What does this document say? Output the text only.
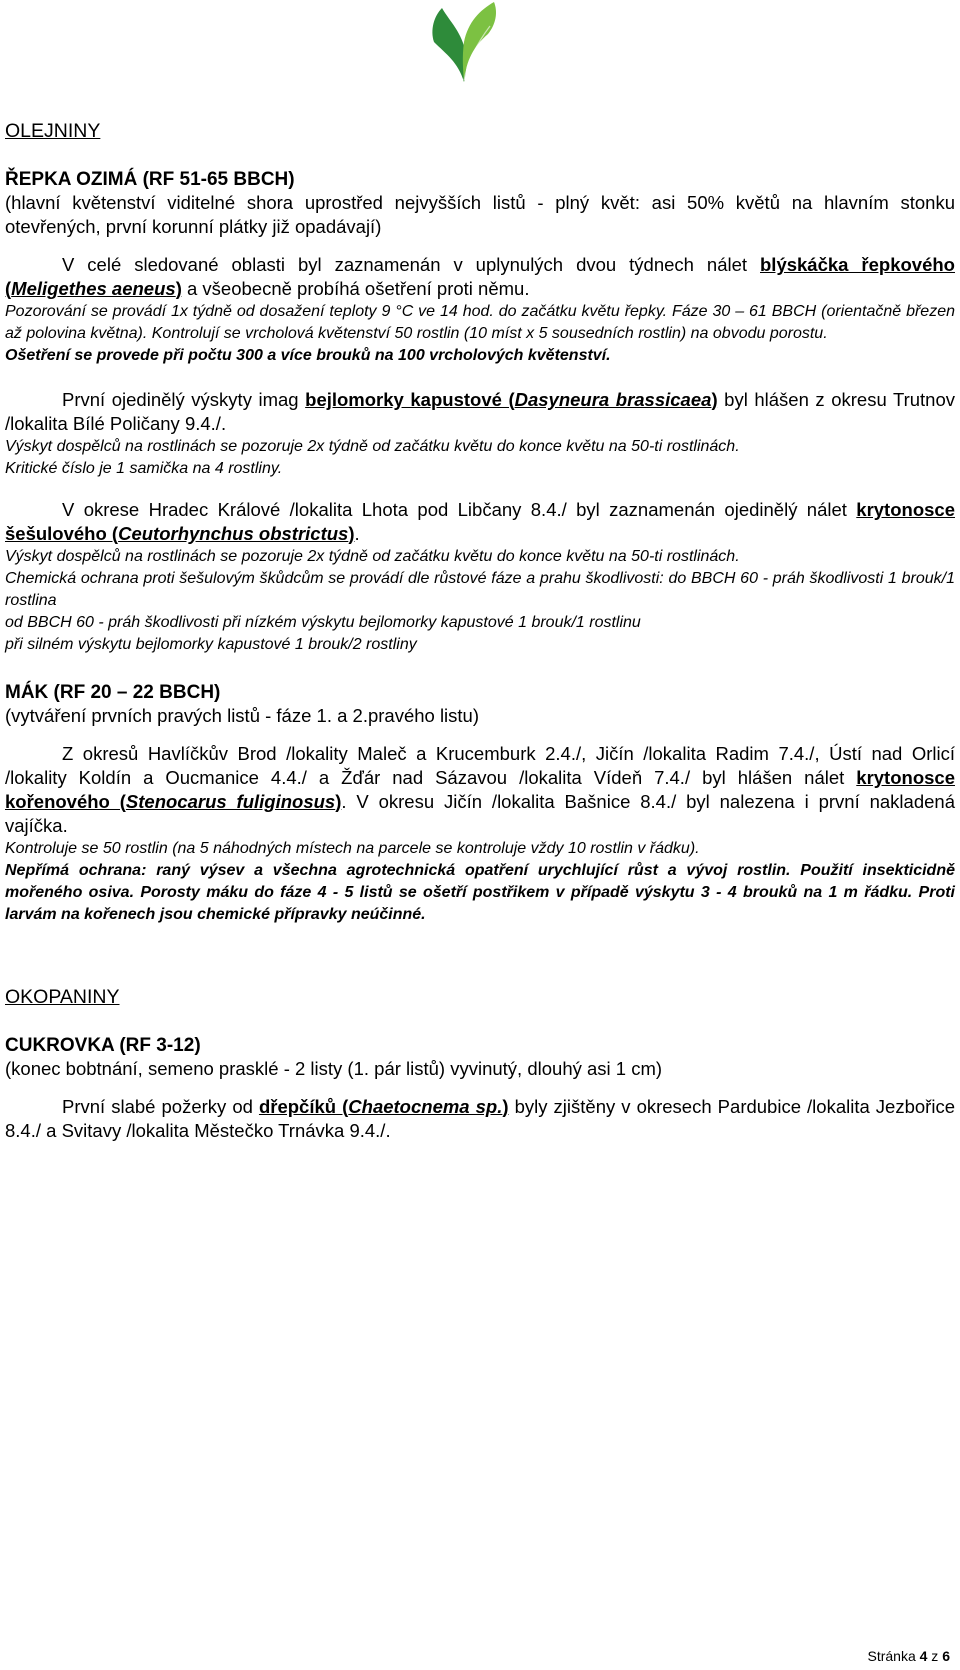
OLEJNINY

ŘEPKA OZIMÁ (RF 51-65 BBCH)

(hlavní květenství viditelné shora uprostřed nejvyšších listů - plný květ: asi 50% květů na hlavním stonku otevřených, první korunní plátky již opadávají)

V celé sledované oblasti byl zaznamenán v uplynulých dvou týdnech nálet blýskáčka řepkového (Meligethes aeneus) a všeobecně probíhá ošetření proti němu.

Pozorování se provádí 1x týdně od dosažení teploty 9 °C ve 14 hod. do začátku květu řepky. Fáze 30 – 61 BBCH (orientačně březen až polovina května). Kontrolují se vrcholová květenství 50 rostlin (10 míst x 5 sousedních rostlin) na obvodu porostu.

Ošetření se provede při počtu 300 a více brouků na 100 vrcholových květenství.

První ojedinělý výskyty imag bejlomorky kapustové (Dasyneura brassicaea) byl hlášen z okresu Trutnov /lokalita Bílé Poličany 9.4./.

Výskyt dospělců na rostlinách se pozoruje 2x týdně od začátku květu do konce květu na 50-ti rostlinách.

Kritické číslo je 1 samička na 4 rostliny.

V okrese Hradec Králové /lokalita Lhota pod Libčany 8.4./ byl zaznamenán ojedinělý nálet krytonosce šešulového (Ceutorhynchus obstrictus).

Výskyt dospělců na rostlinách se pozoruje 2x týdně od začátku květu do konce květu na 50-ti rostlinách.

Chemická ochrana proti šešulovým škůdcům se provádí dle růstové fáze a prahu škodlivosti: do BBCH 60 - práh škodlivosti 1 brouk/1 rostlina

od BBCH 60 - práh škodlivosti při nízkém výskytu bejlomorky kapustové 1 brouk/1 rostlinu

při silném výskytu bejlomorky kapustové 1 brouk/2 rostliny

MÁK (RF 20 – 22 BBCH)

(vytváření prvních pravých listů - fáze 1. a 2.pravého listu)

Z okresů Havlíčkův Brod /lokality Maleč a Krucemburk 2.4./, Jičín /lokalita Radim 7.4./, Ústí nad Orlicí /lokality Koldín a Oucmanice 4.4./ a Žďár nad Sázavou /lokalita Vídeň 7.4./ byl hlášen nálet krytonosce kořenového (Stenocarus fuliginosus). V okresu Jičín /lokalita Bašnice 8.4./ byl nalezena i první nakladená vajíčka.

Kontroluje se 50 rostlin (na 5 náhodných místech na parcele se kontroluje vždy 10 rostlin v řádku).

Nepřímá ochrana: raný výsev a všechna agrotechnická opatření urychlující růst a vývoj rostlin. Použití insekticidně mořeného osiva. Porosty máku do fáze 4 - 5 listů se ošetří postřikem v případě výskytu 3 - 4 brouků na 1 m řádku. Proti larvám na kořenech jsou chemické přípravky neúčinné.

OKOPANINY

CUKROVKA (RF 3-12)

(konec bobtnání, semeno prasklé - 2 listy (1. pár listů) vyvinutý, dlouhý asi 1 cm)

První slabé požerky od dřepčíků (Chaetocnema sp.) byly zjištěny v okresech Pardubice /lokalita Jezbořice 8.4./ a Svitavy /lokalita Městečko Trnávka 9.4./.

Stránka 4 z 6
